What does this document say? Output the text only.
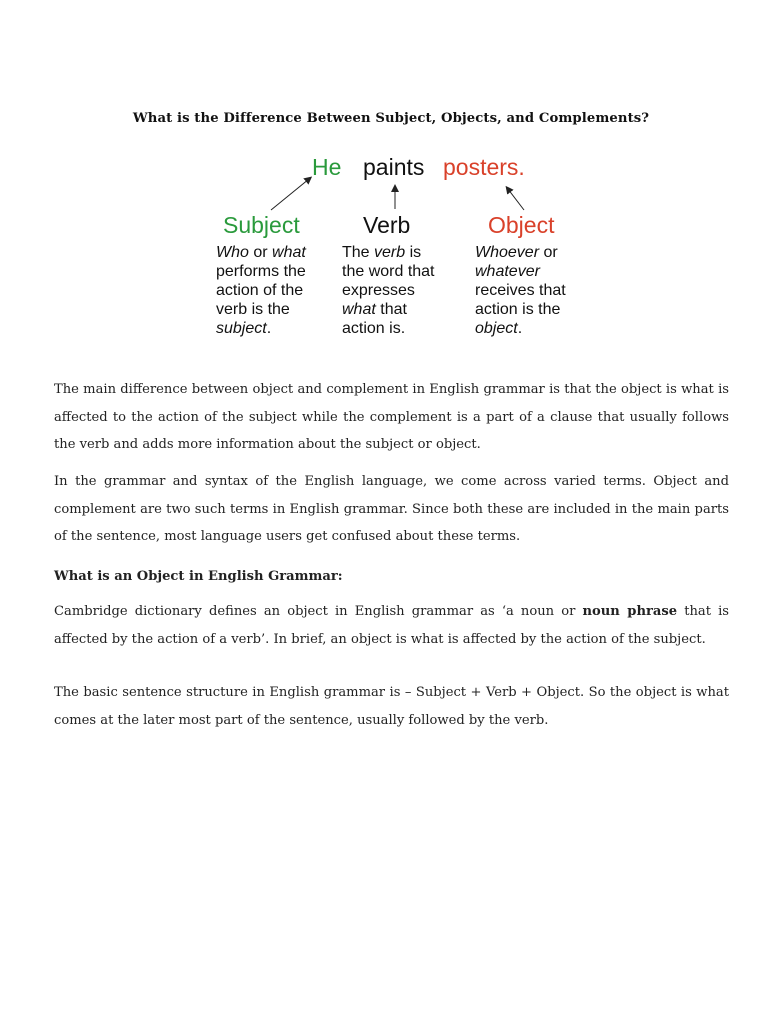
What is the Difference Between Subject, Objects, and Complements?
He paints posters.
Subject	Verb	Object
Who or what
performs the
action of the
verb is the
subject.
The verb is
the word that
expresses
what that
action is.
Whoever or
whatever
receives that
action is the
object.

The main difference between object and complement in English grammar is that the object is what is affected to the action of the subject while the complement is a part of a clause that usually follows the verb and adds more information about the subject or object.

In the grammar and syntax of the English language, we come across varied terms. Object and complement are two such terms in English grammar. Since both these are included in the main parts of the sentence, most language users get confused about these terms.

What is an Object in English Grammar:

Cambridge dictionary defines an object in English grammar as ‘a noun or noun phrase that is affected by the action of a verb’. In brief, an object is what is affected by the action of the subject.

The basic sentence structure in English grammar is – Subject + Verb + Object. So the object is what comes at the later most part of the sentence, usually followed by the verb.
